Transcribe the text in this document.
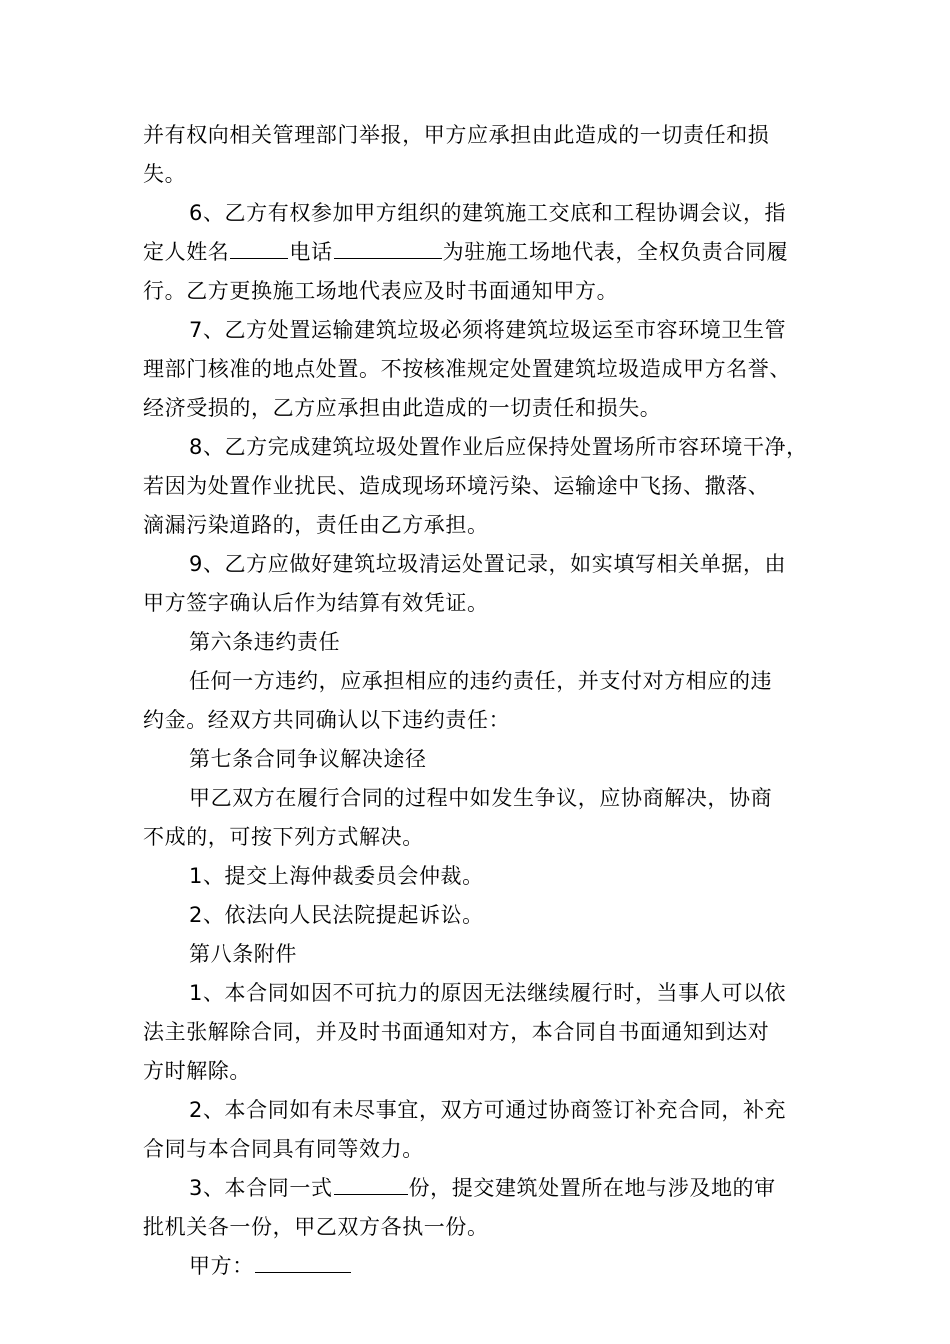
并有权向相关管理部门举报，甲方应承担由此造成的一切责任和损
失。

6、乙方有权参加甲方组织的建筑施工交底和工程协调会议，指
定人姓名	电话	为驻施工场地代表，全权负责合同履
行。乙方更换施工场地代表应及时书面通知甲方。

7、乙方处置运输建筑垃圾必须将建筑垃圾运至市容环境卫生管
理部门核准的地点处置。不按核准规定处置建筑垃圾造成甲方名誉、
经济受损的，乙方应承担由此造成的一切责任和损失。

8、乙方完成建筑垃圾处置作业后应保持处置场所市容环境干净，
若因为处置作业扰民、造成现场环境污染、运输途中飞扬、撒落、
滴漏污染道路的，责任由乙方承担。

9、乙方应做好建筑垃圾清运处置记录，如实填写相关单据，由
甲方签字确认后作为结算有效凭证。

第六条违约责任

任何一方违约，应承担相应的违约责任，并支付对方相应的违
约金。经双方共同确认以下违约责任：

第七条合同争议解决途径

甲乙双方在履行合同的过程中如发生争议，应协商解决，协商
不成的，可按下列方式解决。

1、提交上海仲裁委员会仲裁。

2、依法向人民法院提起诉讼。

第八条附件

1、本合同如因不可抗力的原因无法继续履行时，当事人可以依
法主张解除合同，并及时书面通知对方，本合同自书面通知到达对
方时解除。

2、本合同如有未尽事宜，双方可通过协商签订补充合同，补充
合同与本合同具有同等效力。

3、本合同一式	份，提交建筑处置所在地与涉及地的审
批机关各一份，甲乙双方各执一份。

甲方：
